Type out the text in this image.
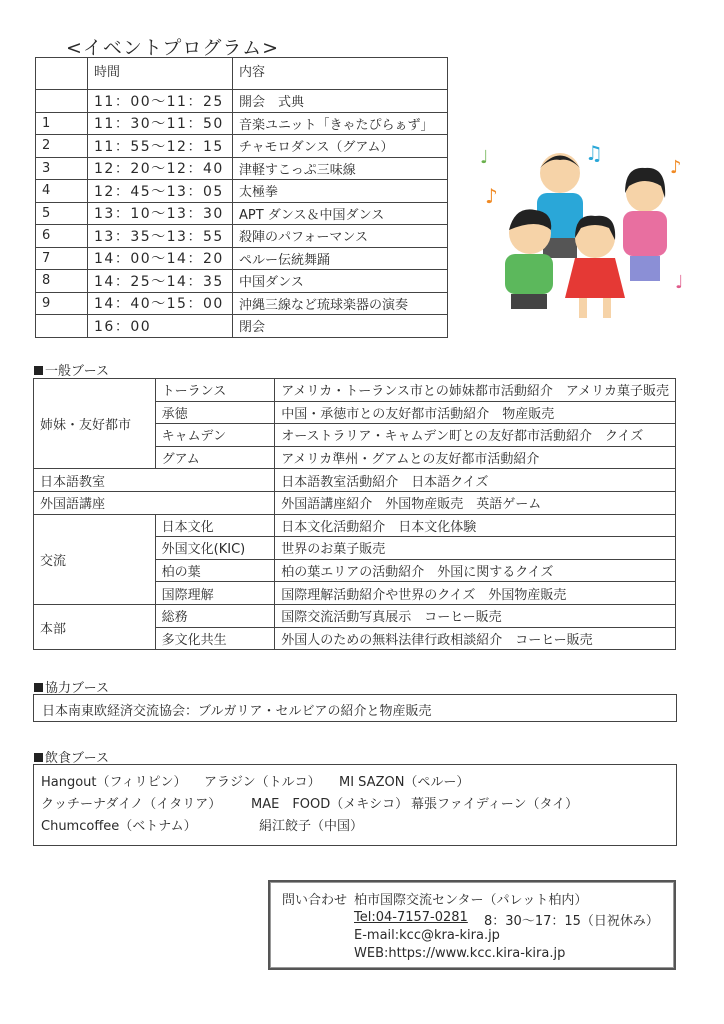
<イベントプログラム>
	時間	内容
	11：00〜11：25	開会　式典
1	11：30〜11：50	音楽ユニット「きゃたぴらぁず」
2	11：55〜12：15	チャモロダンス（グアム）
3	12：20〜12：40	津軽すこっぷ三味線
4	12：45〜13：05	太極拳
5	13：10〜13：30	APT ダンス＆中国ダンス
6	13：35〜13：55	殺陣のパフォーマンス
7	14：00〜14：20	ペルー伝統舞踊
8	14：25〜14：35	中国ダンス
9	14：40〜15：00	沖縄三線など琉球楽器の演奏
	16：00	閉会
♩
♪
♫
♪
♩
一般ブース
姉妹・友好都市	トーランス	アメリカ・トーランス市との姉妹都市活動紹介　アメリカ菓子販売
	承徳	中国・承徳市との友好都市活動紹介　物産販売
	キャムデン	オーストラリア・キャムデン町との友好都市活動紹介　クイズ
	グアム	アメリカ準州・グアムとの友好都市活動紹介
日本語教室		日本語教室活動紹介　日本語クイズ
外国語講座		外国語講座紹介　外国物産販売　英語ゲーム
交流	日本文化	日本文化活動紹介　日本文化体験
	外国文化(KIC)	世界のお菓子販売
	柏の葉	柏の葉エリアの活動紹介　外国に関するクイズ
	国際理解	国際理解活動紹介や世界のクイズ　外国物産販売
本部	総務	国際交流活動写真展示　コーヒー販売
	多文化共生	外国人のための無料法律行政相談紹介　コーヒー販売
協力ブース
日本南東欧経済交流協会：ブルガリア・セルビアの紹介と物産販売
飲食ブース
Hangout（フィリピン） アラジン（トルコ） MI SAZON（ペルー）
クッチーナダイノ（イタリア） MAE　FOOD（メキシコ） 幕張ファイディーン（タイ）
Chumcoffee（ベトナム）	絹江餃子（中国）
問い合わせ 柏市国際交流センター（パレット柏内）
Tel:04-7157-0281 8：30〜17：15（日祝休み）
E-mail:kcc@kra-kira.jp
WEB:https://www.kcc.kira-kira.jp
